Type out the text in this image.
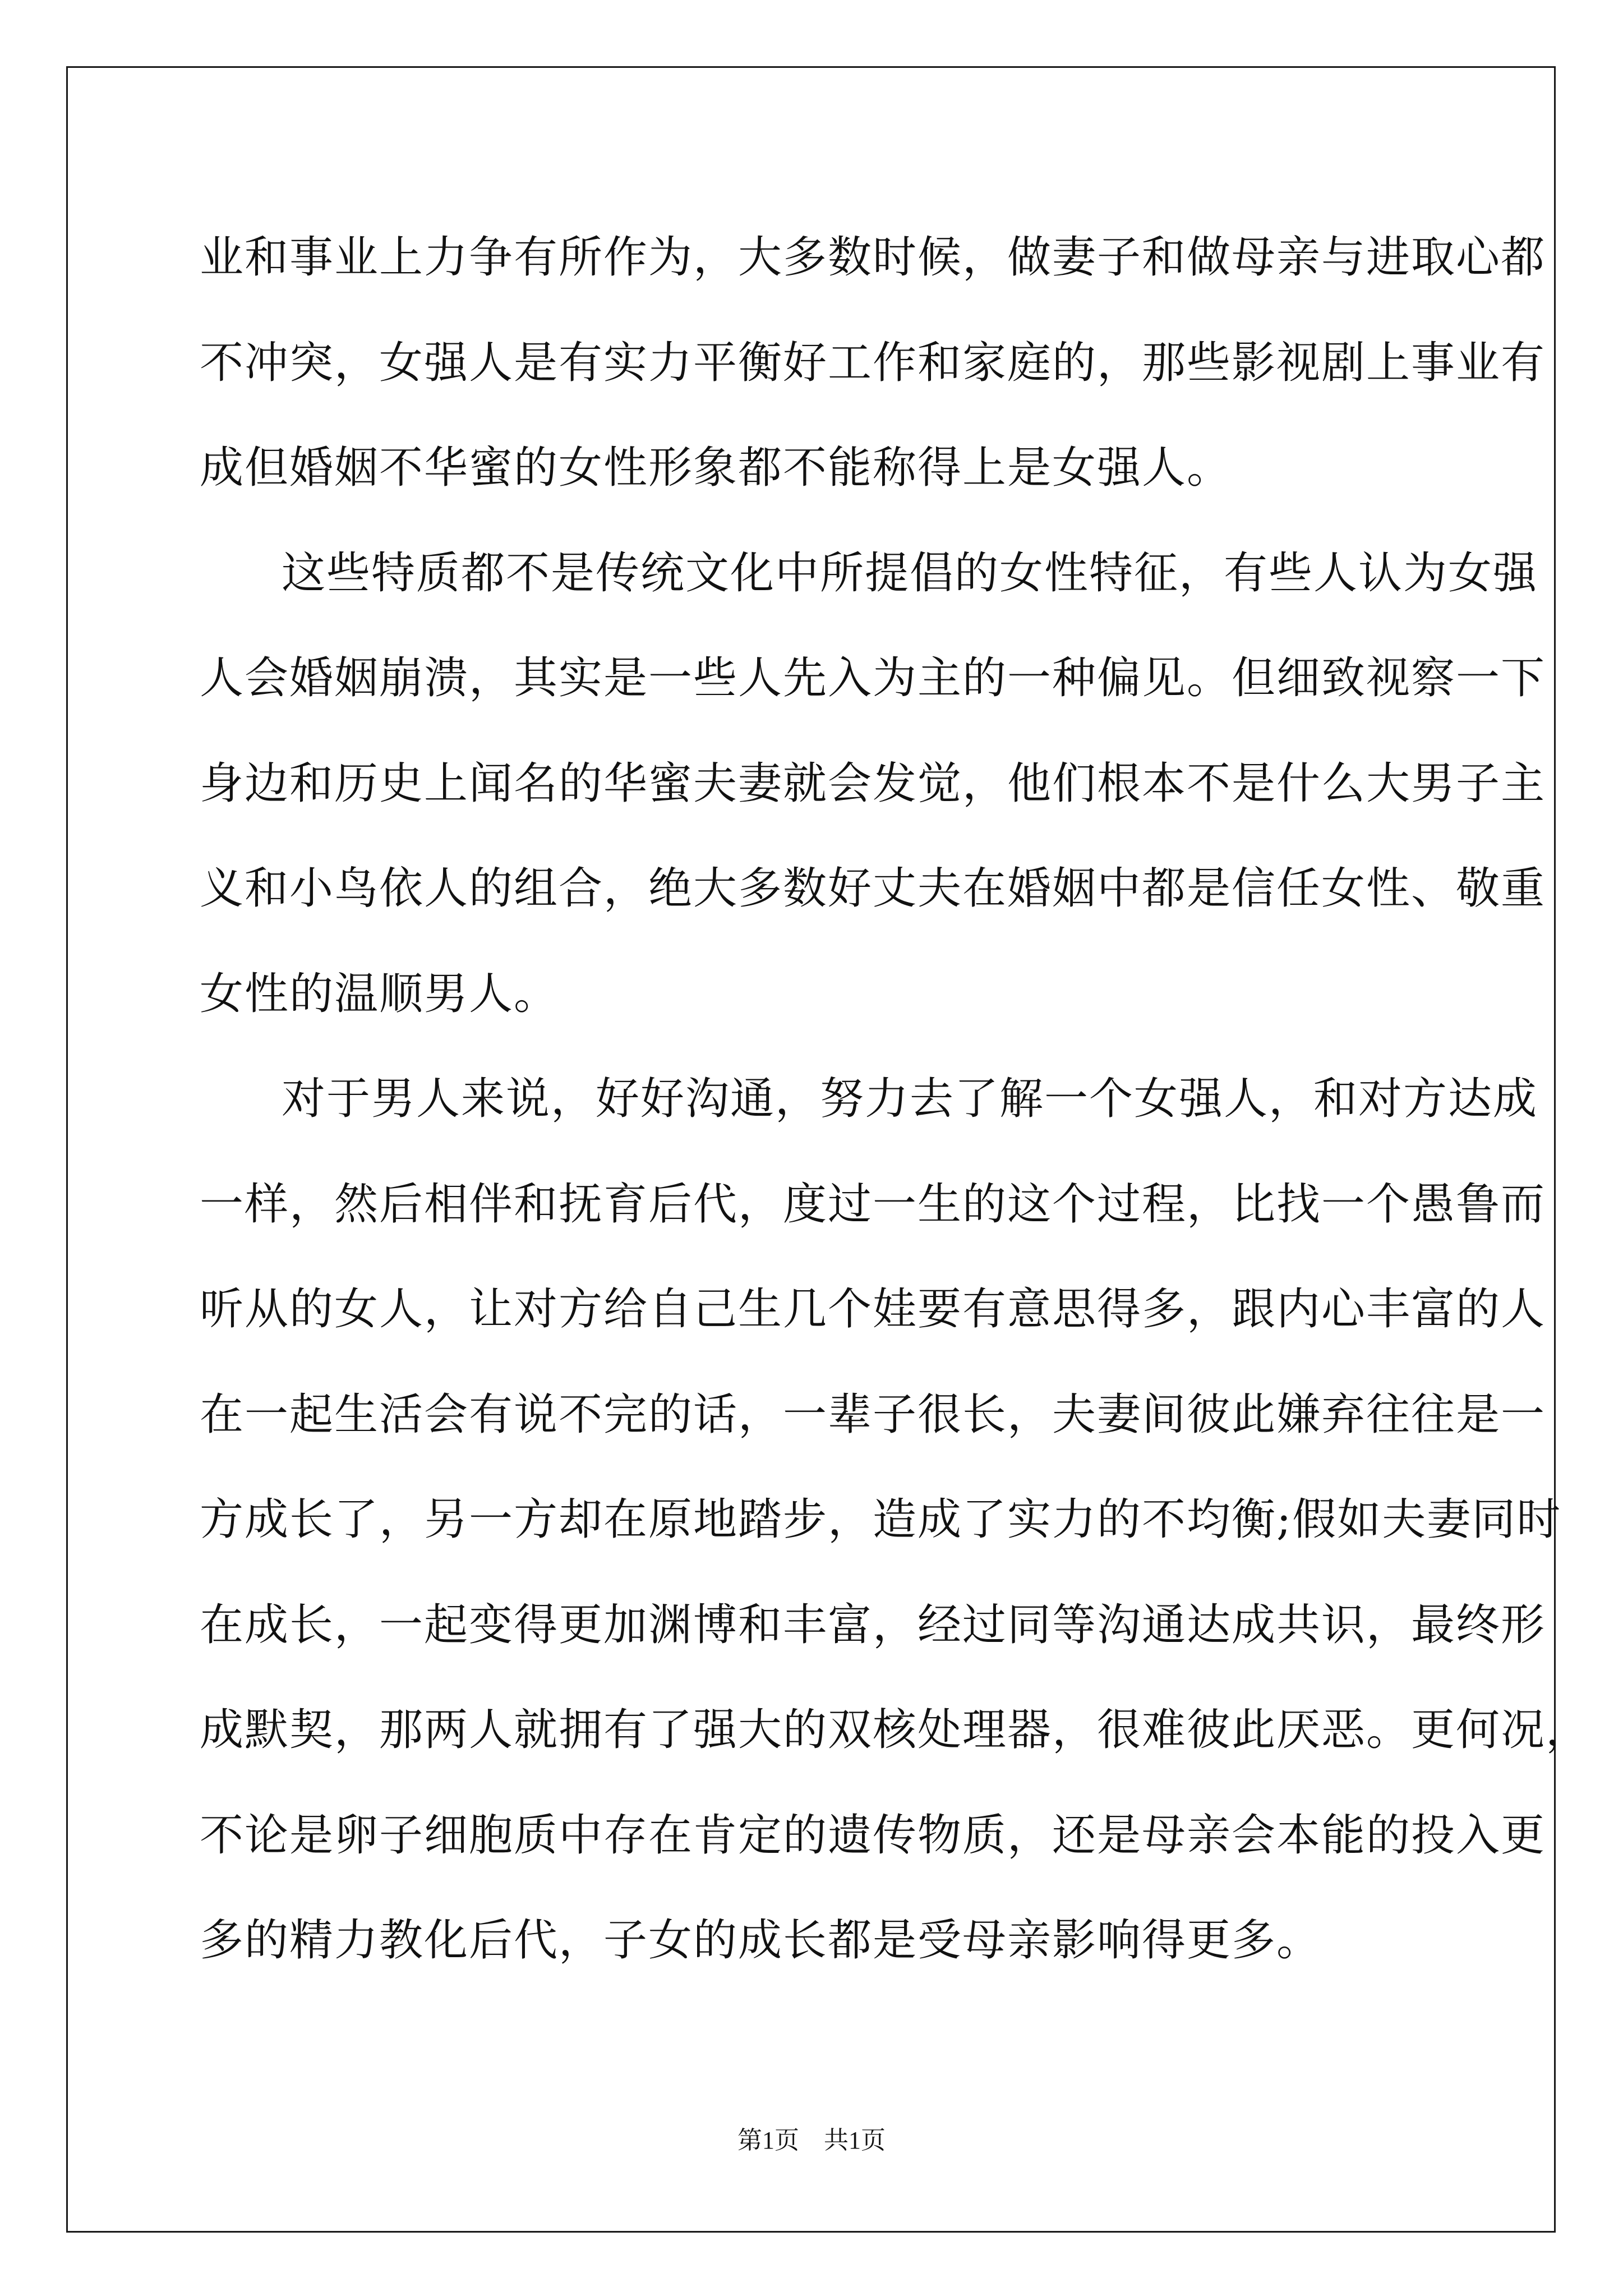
业和事业上力争有所作为，大多数时候，做妻子和做母亲与进取心都
不冲突，女强人是有实力平衡好工作和家庭的，那些影视剧上事业有
成但婚姻不华蜜的女性形象都不能称得上是女强人。
这些特质都不是传统文化中所提倡的女性特征，有些人认为女强
人会婚姻崩溃，其实是一些人先入为主的一种偏见。但细致视察一下
身边和历史上闻名的华蜜夫妻就会发觉，他们根本不是什么大男子主
义和小鸟依人的组合，绝大多数好丈夫在婚姻中都是信任女性、敬重
女性的温顺男人。
对于男人来说，好好沟通，努力去了解一个女强人，和对方达成
一样，然后相伴和抚育后代，度过一生的这个过程，比找一个愚鲁而
听从的女人，让对方给自己生几个娃要有意思得多，跟内心丰富的人
在一起生活会有说不完的话，一辈子很长，夫妻间彼此嫌弃往往是一
方成长了，另一方却在原地踏步，造成了实力的不均衡;假如夫妻同时
在成长，一起变得更加渊博和丰富，经过同等沟通达成共识，最终形
成默契，那两人就拥有了强大的双核处理器，很难彼此厌恶。更何况，
不论是卵子细胞质中存在肯定的遗传物质，还是母亲会本能的投入更
多的精力教化后代，子女的成长都是受母亲影响得更多。
第1页　共1页
